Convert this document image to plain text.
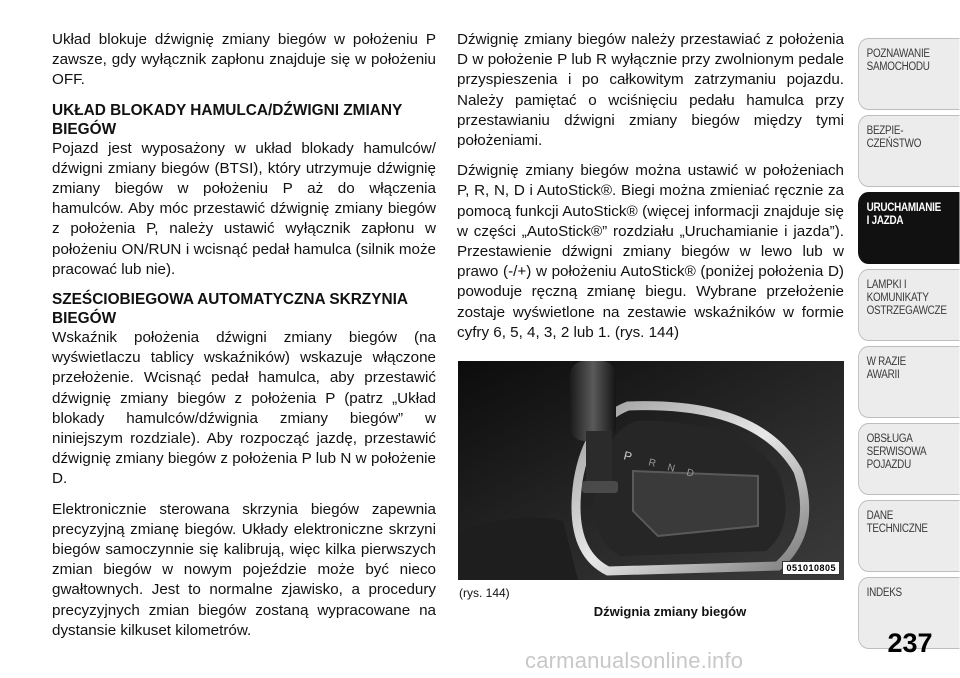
Układ blokuje dźwignię zmiany biegów w położeniu P zawsze, gdy wyłącznik zapłonu znajduje się w położeniu OFF.

UKŁAD BLOKADY HAMULCA/DŹWIGNI ZMIANY BIEGÓW

Pojazd jest wyposażony w układ blokady hamulców/ dźwigni zmiany biegów (BTSI), który utrzymuje dźwignię zmiany biegów w położeniu P aż do włączenia hamulców. Aby móc przestawić dźwignię zmiany biegów z położenia P, należy ustawić wyłącznik zapłonu w położeniu ON/RUN i wcisnąć pedał hamulca (silnik może pracować lub nie).

SZEŚCIOBIEGOWA AUTOMATYCZNA SKRZYNIA BIEGÓW

Wskaźnik położenia dźwigni zmiany biegów (na wyświetlaczu tablicy wskaźników) wskazuje włączone przełożenie. Wcisnąć pedał hamulca, aby przestawić dźwignię zmiany biegów z położenia P (patrz „Układ blokady hamulców/dźwignia zmiany biegów” w niniejszym rozdziale). Aby rozpocząć jazdę, przestawić dźwignię zmiany biegów z położenia P lub N w położenie D.

Elektronicznie sterowana skrzynia biegów zapewnia precyzyjną zmianę biegów. Układy elektroniczne skrzyni biegów samoczynnie się kalibrują, więc kilka pierwszych zmian biegów w nowym pojeździe może być nieco gwałtownych. Jest to normalne zjawisko, a procedury precyzyjnych zmian biegów zostaną wypracowane na dystansie kilkuset kilometrów.

Dźwignię zmiany biegów należy przestawiać z położenia D w położenie P lub R wyłącznie przy zwolnionym pedale przyspieszenia i po całkowitym zatrzymaniu pojazdu. Należy pamiętać o wciśnięciu pedału hamulca przy przestawianiu dźwigni zmiany biegów między tymi położeniami.

Dźwignię zmiany biegów można ustawić w położeniach P, R, N, D i AutoStick®. Biegi można zmieniać ręcznie za pomocą funkcji AutoStick® (więcej informacji znajduje się w części „AutoStick®” rozdziału „Uruchamianie i jazda”). Przestawienie dźwigni zmiany biegów w lewo lub w prawo (-/+) w położeniu AutoStick® (poniżej położenia D) powoduje ręczną zmianę biegu. Wybrane przełożenie zostaje wyświetlone na zestawie wskaźników w formie cyfry 6, 5, 4, 3, 2 lub 1. (rys. 144)

P R N D
051010805
(rys. 144)
Dźwignia zmiany biegów
POZNAWANIE
SAMOCHODU
BEZPIE-
CZEŃSTWO
URUCHAMIANIE
I JAZDA
LAMPKI I
KOMUNIKATY
OSTRZEGAWCZE
W RAZIE
AWARII
OBSŁUGA
SERWISOWA
POJAZDU
DANE
TECHNICZNE
INDEKS
237
carmanualsonline.info
